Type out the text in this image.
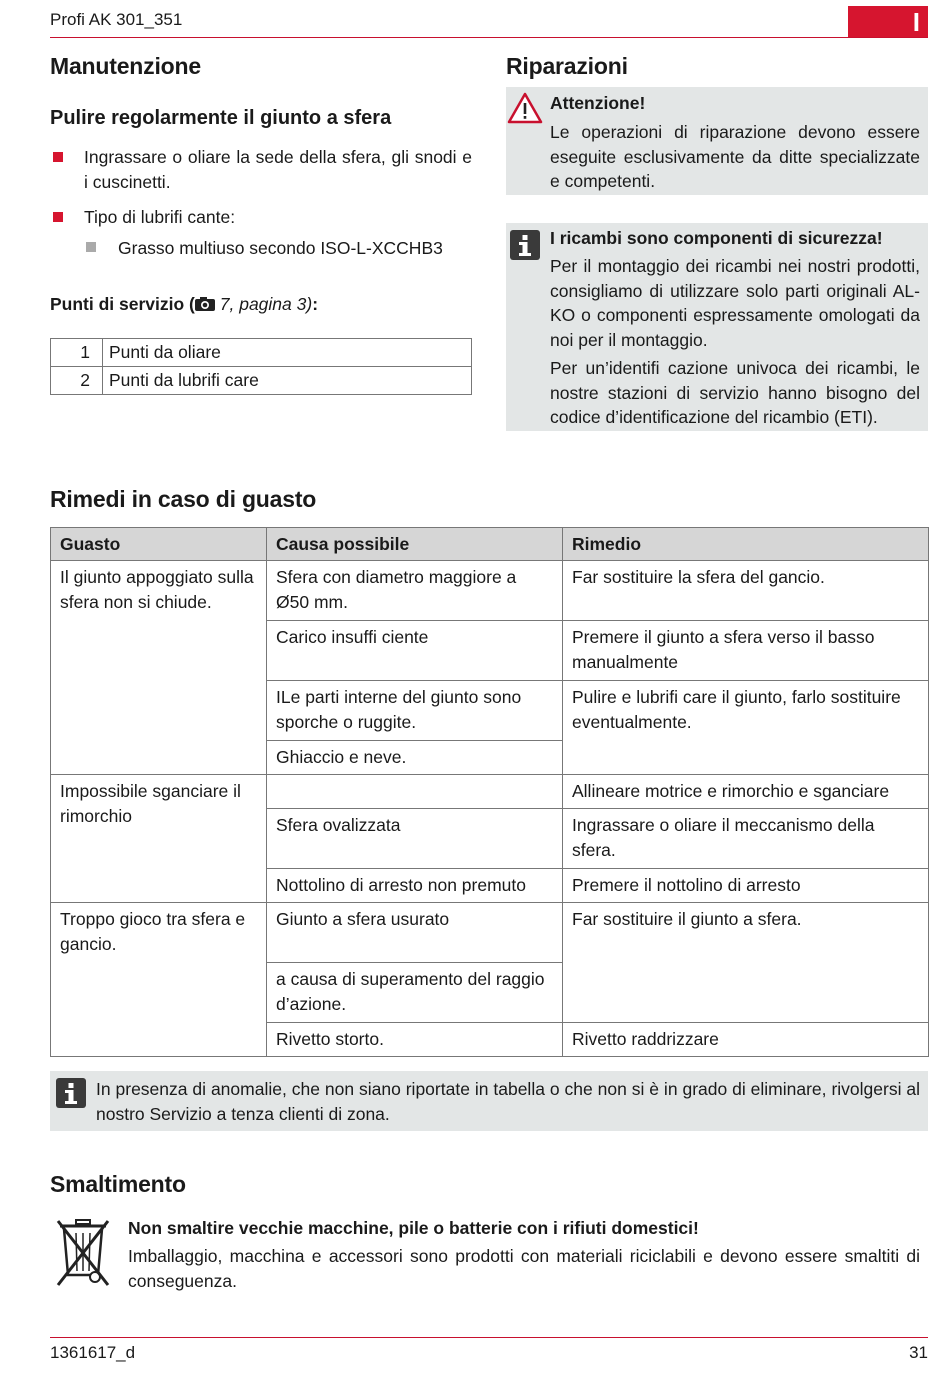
Profi AK 301_351	I
Manutenzione
Pulire regolarmente il giunto a sfera
Ingrassare o oliare la sede della sfera, gli snodi e i cuscinetti.
Tipo di lubrifi cante:
Grasso multiuso secondo ISO-L-XCCHB3
Punti di servizio ( 7, pagina 3):
1	Punti da oliare
2	Punti da lubrifi care
Riparazioni
Attenzione!
Le operazioni di riparazione devono essere eseguite esclusivamente da ditte specializzate e competenti.
I ricambi sono componenti di sicurezza!
Per il montaggio dei ricambi nei nostri prodotti, consigliamo di utilizzare solo parti originali AL-KO o componenti espressamente omologati da noi per il montaggio.
Per un’identifi cazione univoca dei ricambi, le nostre stazioni di servizio hanno bisogno del codice d’identificazione del ricambio (ETI).
Rimedi in caso di guasto
Guasto	Causa possibile	Rimedio
Il giunto appoggiato sulla sfera non si chiude.	Sfera con diametro maggiore a Ø50 mm.	Far sostituire la sfera del gancio.
	Carico insuffi ciente	Premere il giunto a sfera verso il basso manualmente
	ILe parti interne del giunto sono sporche o ruggite.	Pulire e lubrifi care il giunto, farlo sostituire eventualmente.
	Ghiaccio e neve.	
Impossibile sganciare il rimorchio		Allineare motrice e rimorchio e sganciare
	Sfera ovalizzata	Ingrassare o oliare il meccanismo della sfera.
	Nottolino di arresto non premuto	Premere il nottolino di arresto
Troppo gioco tra sfera e gancio.	Giunto a sfera usurato	Far sostituire il giunto a sfera.
	a causa di superamento del raggio d’azione.	
	Rivetto storto.	Rivetto raddrizzare
In presenza di anomalie, che non siano riportate in tabella o che non si è in grado di eliminare, rivolgersi al nostro Servizio a tenza clienti di zona.
Smaltimento
Non smaltire vecchie macchine, pile o batterie con i rifiuti domestici!
Imballaggio, macchina e accessori sono prodotti con materiali riciclabili e devono essere smaltiti di conseguenza.
1361617_d	31
